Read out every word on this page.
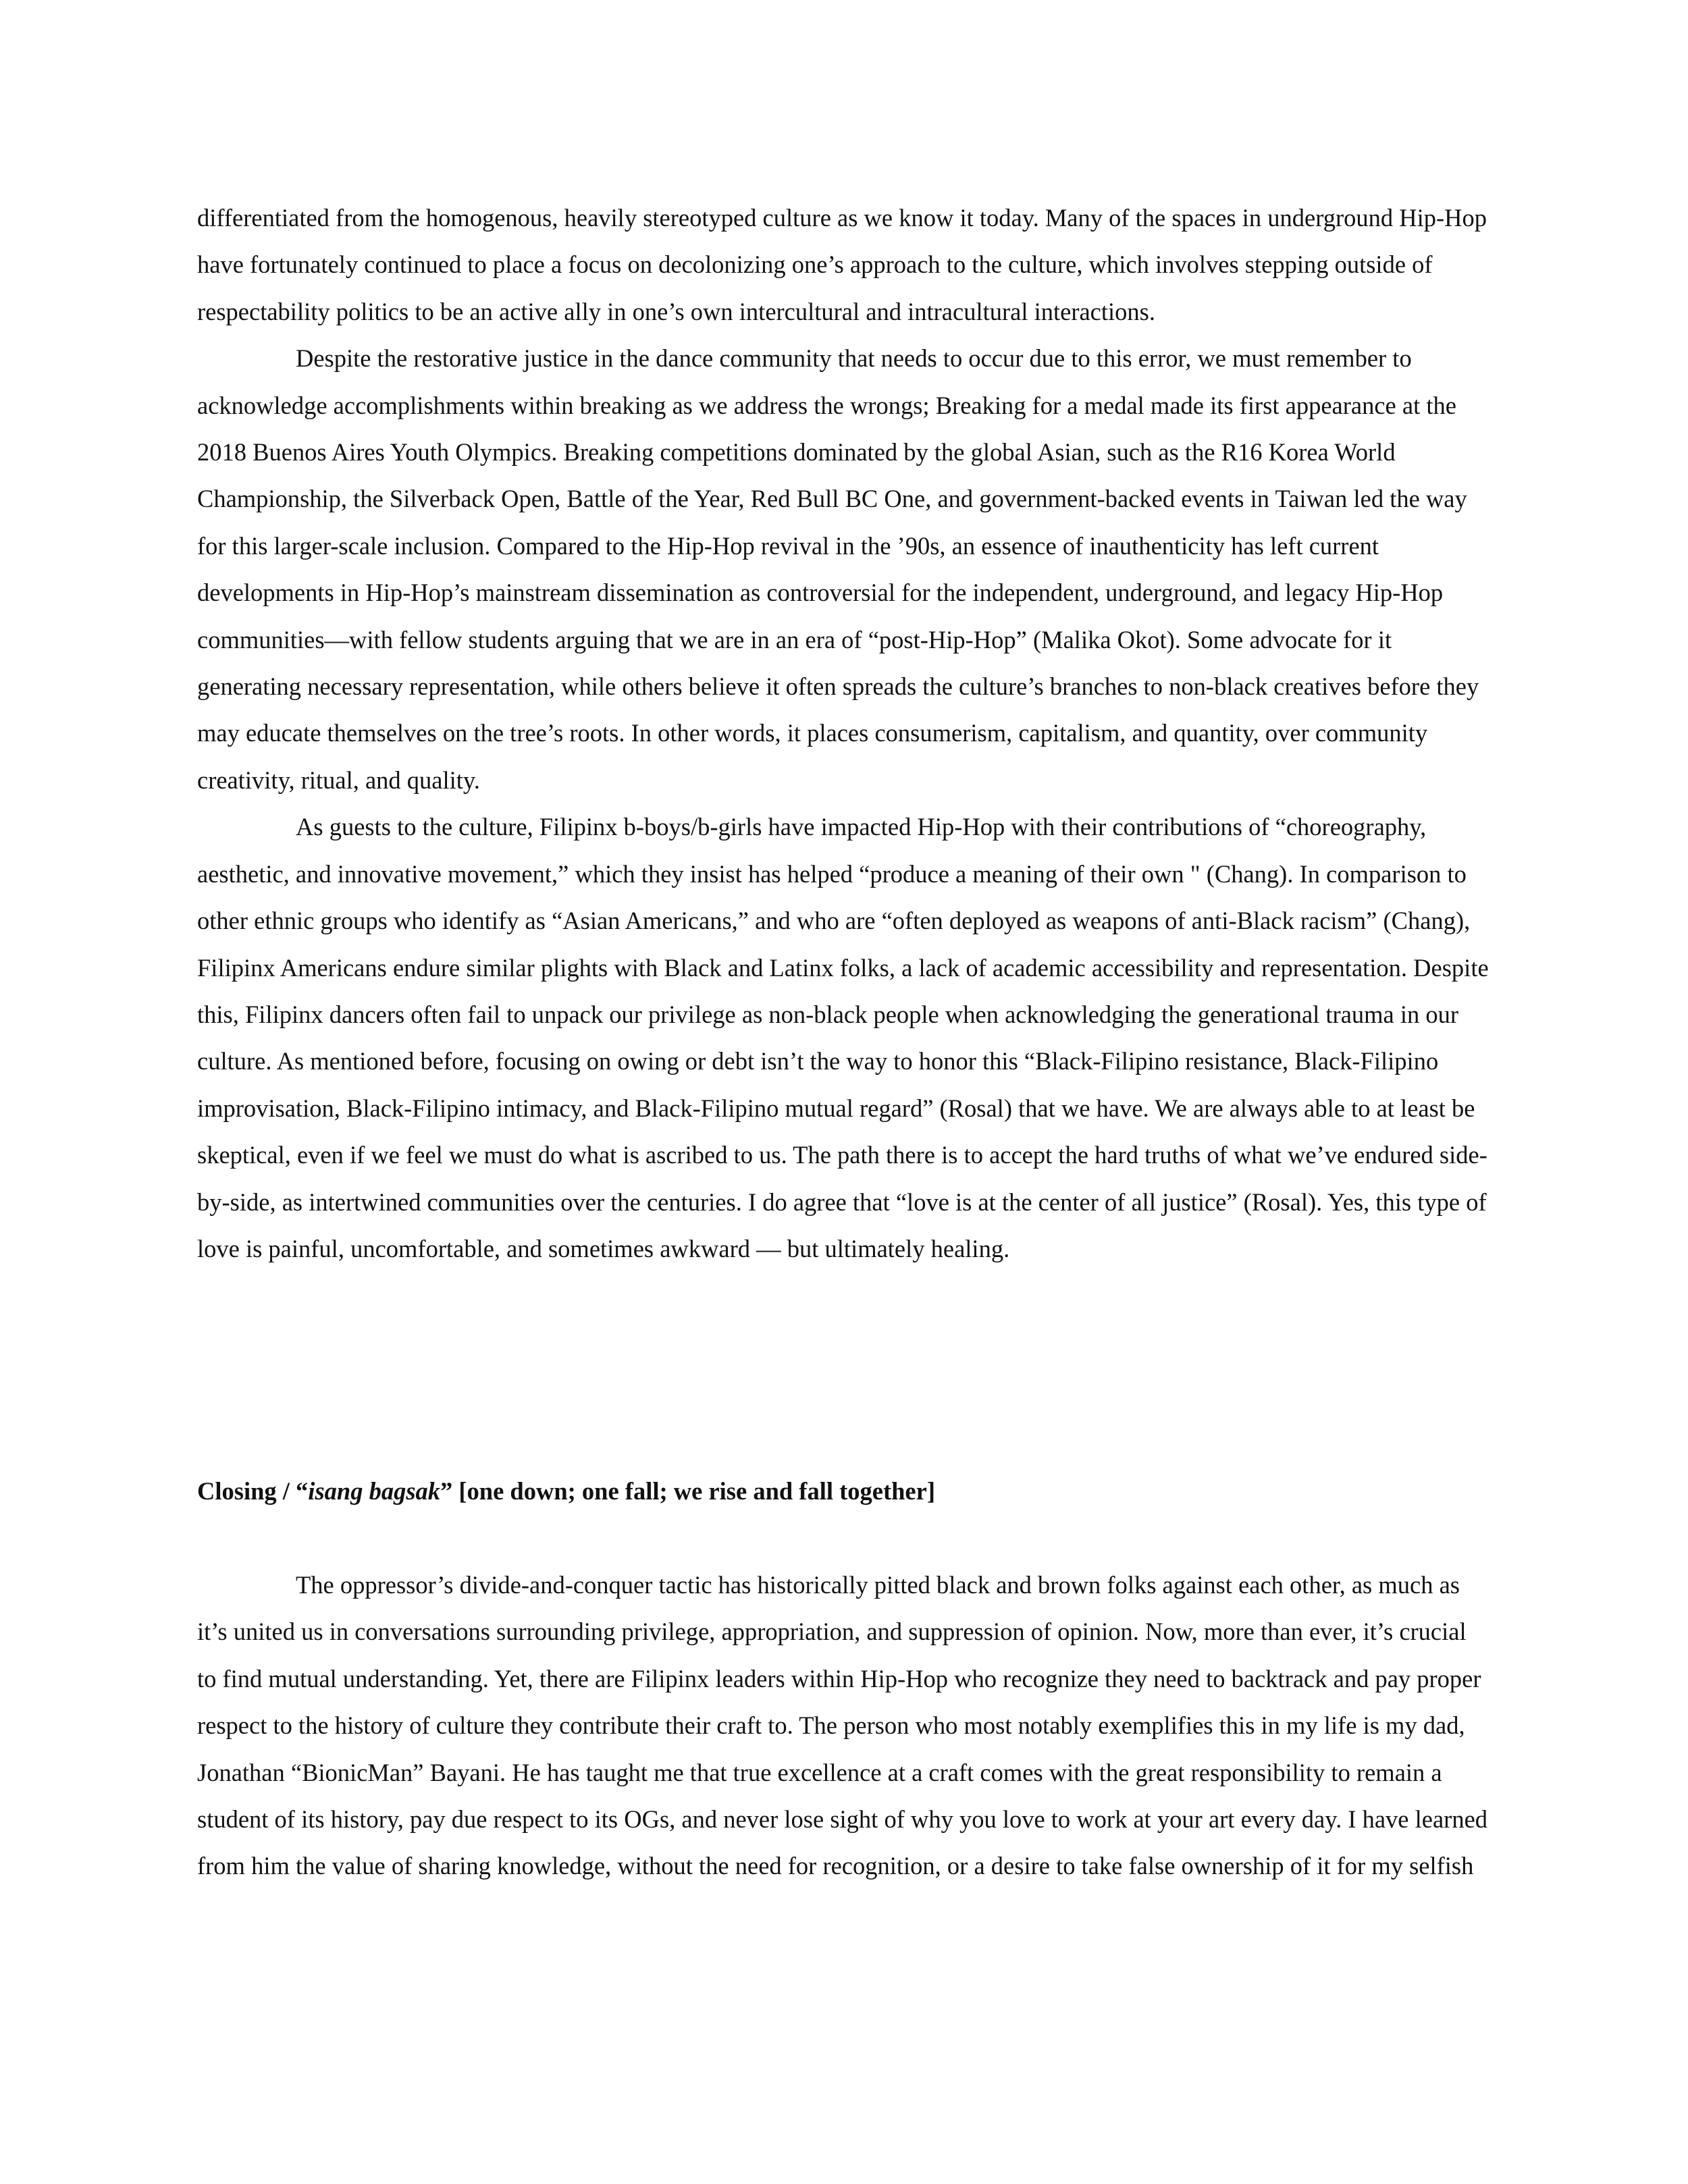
differentiated from the homogenous, heavily stereotyped culture as we know it today. Many of the spaces in underground Hip-Hop have fortunately continued to place a focus on decolonizing one’s approach to the culture, which involves stepping outside of respectability politics to be an active ally in one’s own intercultural and intracultural interactions.

Despite the restorative justice in the dance community that needs to occur due to this error, we must remember to acknowledge accomplishments within breaking as we address the wrongs; Breaking for a medal made its first appearance at the 2018 Buenos Aires Youth Olympics. Breaking competitions dominated by the global Asian, such as the R16 Korea World Championship, the Silverback Open, Battle of the Year, Red Bull BC One, and government-backed events in Taiwan led the way for this larger-scale inclusion. Compared to the Hip-Hop revival in the ’90s, an essence of inauthenticity has left current developments in Hip-Hop’s mainstream dissemination as controversial for the independent, underground, and legacy Hip-Hop communities—with fellow students arguing that we are in an era of “post-Hip-Hop” (Malika Okot). Some advocate for it generating necessary representation, while others believe it often spreads the culture’s branches to non-black creatives before they may educate themselves on the tree’s roots. In other words, it places consumerism, capitalism, and quantity, over community creativity, ritual, and quality.

As guests to the culture, Filipinx b-boys/b-girls have impacted Hip-Hop with their contributions of “choreography, aesthetic, and innovative movement,” which they insist has helped “produce a meaning of their own " (Chang). In comparison to other ethnic groups who identify as “Asian Americans,” and who are “often deployed as weapons of anti-Black racism” (Chang), Filipinx Americans endure similar plights with Black and Latinx folks, a lack of academic accessibility and representation. Despite this, Filipinx dancers often fail to unpack our privilege as non-black people when acknowledging the generational trauma in our culture. As mentioned before, focusing on owing or debt isn’t the way to honor this “Black-Filipino resistance, Black-Filipino improvisation, Black-Filipino intimacy, and Black-Filipino mutual regard” (Rosal) that we have. We are always able to at least be skeptical, even if we feel we must do what is ascribed to us. The path there is to accept the hard truths of what we’ve endured side-by-side, as intertwined communities over the centuries. I do agree that “love is at the center of all justice” (Rosal). Yes, this type of love is painful, uncomfortable, and sometimes awkward — but ultimately healing.

Closing / “isang bagsak” [one down; one fall; we rise and fall together]

The oppressor’s divide-and-conquer tactic has historically pitted black and brown folks against each other, as much as it’s united us in conversations surrounding privilege, appropriation, and suppression of opinion. Now, more than ever, it’s crucial to find mutual understanding. Yet, there are Filipinx leaders within Hip-Hop who recognize they need to backtrack and pay proper respect to the history of culture they contribute their craft to. The person who most notably exemplifies this in my life is my dad, Jonathan “BionicMan” Bayani. He has taught me that true excellence at a craft comes with the great responsibility to remain a student of its history, pay due respect to its OGs, and never lose sight of why you love to work at your art every day. I have learned from him the value of sharing knowledge, without the need for recognition, or a desire to take false ownership of it for my selfish
